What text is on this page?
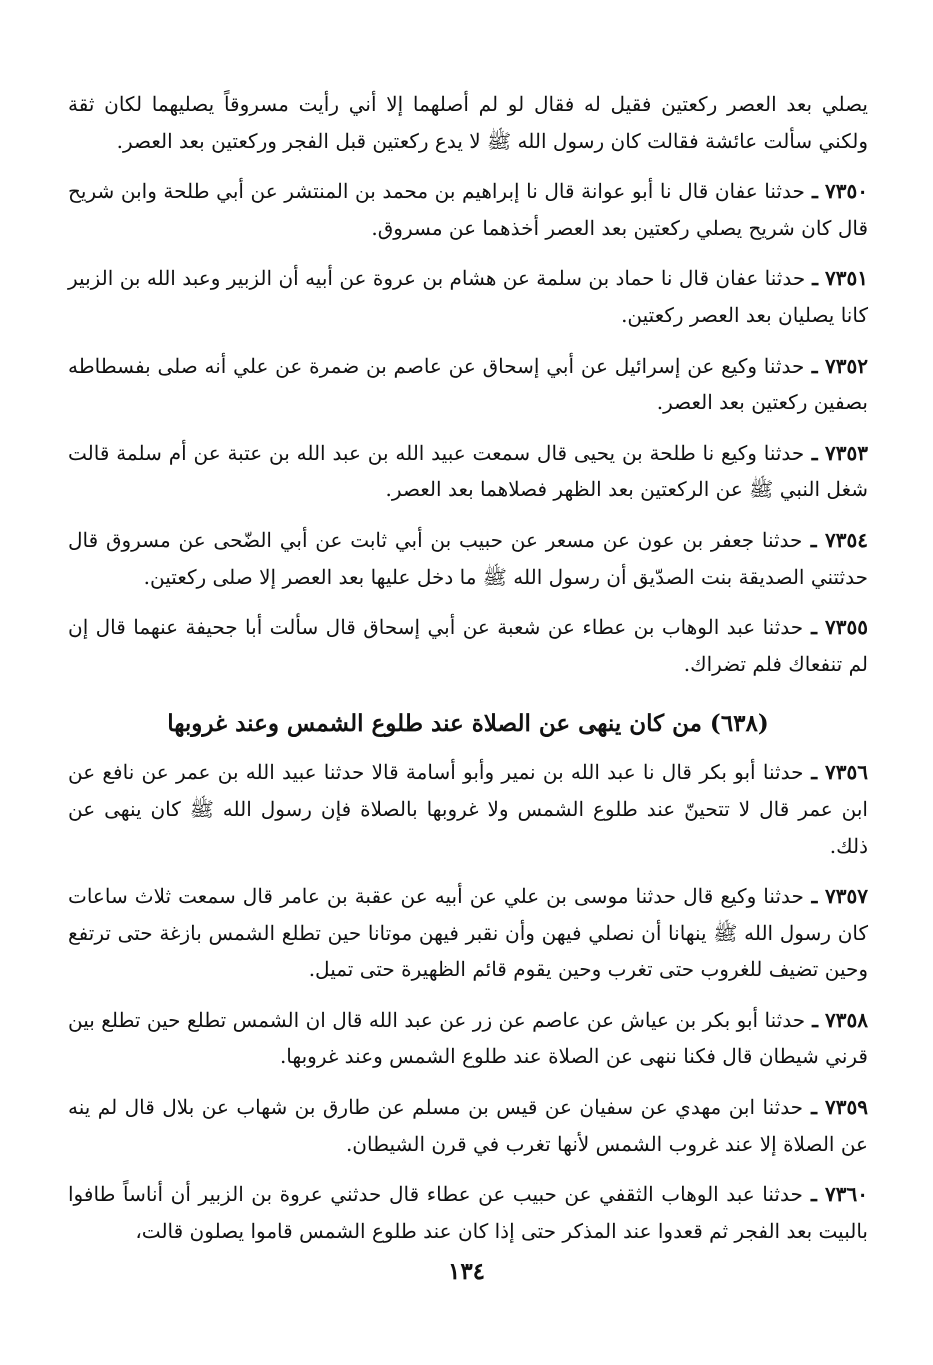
يصلي بعد العصر ركعتين فقيل له فقال لو لم أصلهما إلا أني رأيت مسروقاً يصليهما لكان ثقة ولكني سألت عائشة فقالت كان رسول الله ﷺ لا يدع ركعتين قبل الفجر وركعتين بعد العصر.

٧٣٥٠ ـ حدثنا عفان قال نا أبو عوانة قال نا إبراهيم بن محمد بن المنتشر عن أبي طلحة وابن شريح قال كان شريح يصلي ركعتين بعد العصر أخذهما عن مسروق.

٧٣٥١ ـ حدثنا عفان قال نا حماد بن سلمة عن هشام بن عروة عن أبيه أن الزبير وعبد الله بن الزبير كانا يصليان بعد العصر ركعتين.

٧٣٥٢ ـ حدثنا وكيع عن إسرائيل عن أبي إسحاق عن عاصم بن ضمرة عن علي أنه صلى بفسطاطه بصفين ركعتين بعد العصر.

٧٣٥٣ ـ حدثنا وكيع نا طلحة بن يحيى قال سمعت عبيد الله بن عبد الله بن عتبة عن أم سلمة قالت شغل النبي ﷺ عن الركعتين بعد الظهر فصلاهما بعد العصر.

٧٣٥٤ ـ حدثنا جعفر بن عون عن مسعر عن حبيب بن أبي ثابت عن أبي الضّحى عن مسروق قال حدثتني الصديقة بنت الصدّيق أن رسول الله ﷺ ما دخل عليها بعد العصر إلا صلى ركعتين.

٧٣٥٥ ـ حدثنا عبد الوهاب بن عطاء عن شعبة عن أبي إسحاق قال سألت أبا جحيفة عنهما قال إن لم تنفعاك فلم تضراك.

(٦٣٨) من كان ينهى عن الصلاة عند طلوع الشمس وعند غروبها

٧٣٥٦ ـ حدثنا أبو بكر قال نا عبد الله بن نمير وأبو أسامة قالا حدثنا عبيد الله بن عمر عن نافع عن ابن عمر قال لا تتحينّ عند طلوع الشمس ولا غروبها بالصلاة فإن رسول الله ﷺ كان ينهى عن ذلك.

٧٣٥٧ ـ حدثنا وكيع قال حدثنا موسى بن علي عن أبيه عن عقبة بن عامر قال سمعت ثلاث ساعات كان رسول الله ﷺ ينهانا أن نصلي فيهن وأن نقبر فيهن موتانا حين تطلع الشمس بازغة حتى ترتفع وحين تضيف للغروب حتى تغرب وحين يقوم قائم الظهيرة حتى تميل.

٧٣٥٨ ـ حدثنا أبو بكر بن عياش عن عاصم عن زر عن عبد الله قال ان الشمس تطلع حين تطلع بين قرني شيطان قال فكنا ننهى عن الصلاة عند طلوع الشمس وعند غروبها.

٧٣٥٩ ـ حدثنا ابن مهدي عن سفيان عن قيس بن مسلم عن طارق بن شهاب عن بلال قال لم ينه عن الصلاة إلا عند غروب الشمس لأنها تغرب في قرن الشيطان.

٧٣٦٠ ـ حدثنا عبد الوهاب الثقفي عن حبيب عن عطاء قال حدثني عروة بن الزبير أن أناساً طافوا بالبيت بعد الفجر ثم قعدوا عند المذكر حتى إذا كان عند طلوع الشمس قاموا يصلون قالت،

١٣٤
